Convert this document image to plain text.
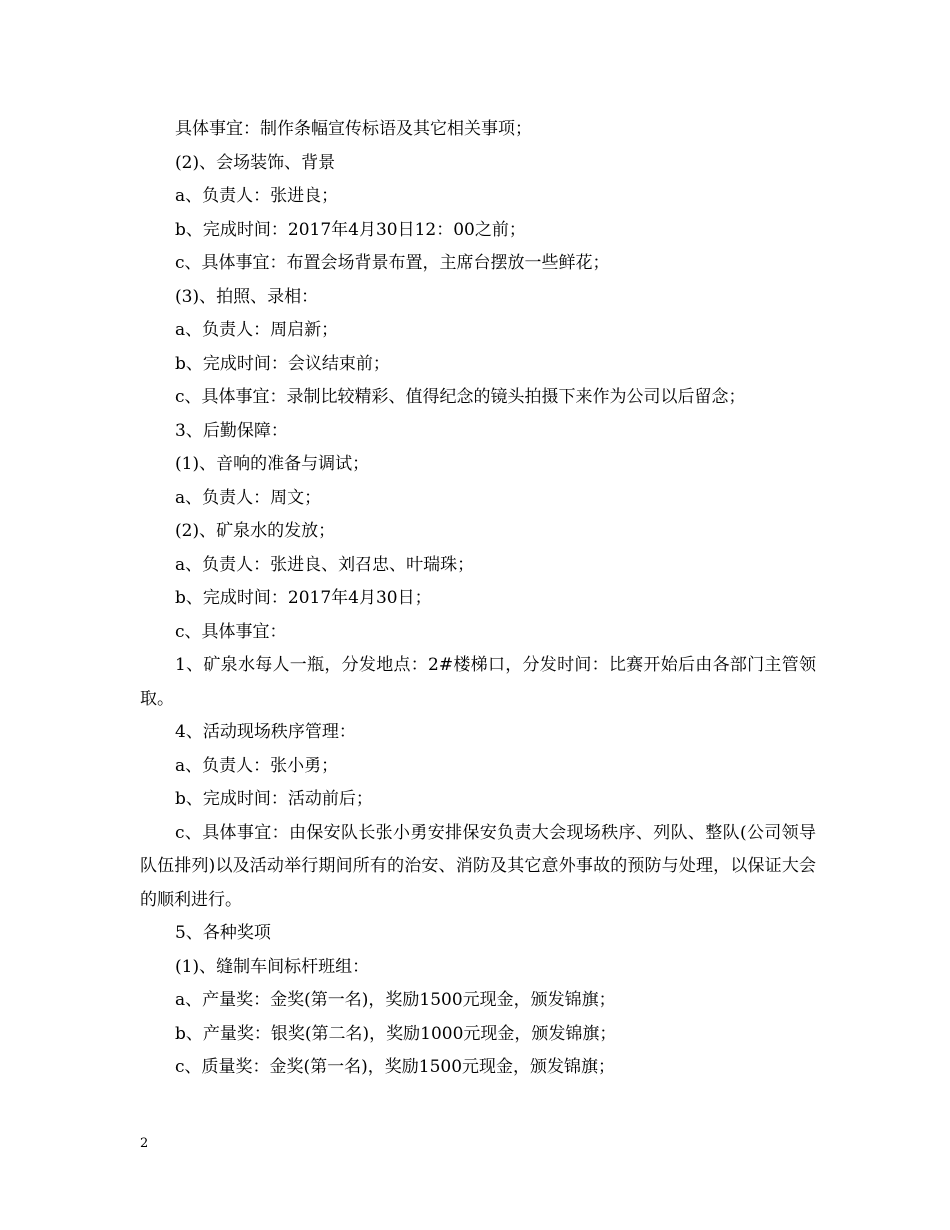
具体事宜：制作条幅宣传标语及其它相关事项；

(2)、会场装饰、背景

a、负责人：张进良；

b、完成时间：2017年4月30日12：00之前；

c、具体事宜：布置会场背景布置，主席台摆放一些鲜花；

(3)、拍照、录相：

a、负责人：周启新；

b、完成时间：会议结束前；

c、具体事宜：录制比较精彩、值得纪念的镜头拍摄下来作为公司以后留念；

3、后勤保障：

(1)、音响的准备与调试；

a、负责人：周文；

(2)、矿泉水的发放；

a、负责人：张进良、刘召忠、叶瑞珠；

b、完成时间：2017年4月30日；

c、具体事宜：

1、矿泉水每人一瓶，分发地点：2#楼梯口，分发时间：比赛开始后由各部门主管领取。

4、活动现场秩序管理：

a、负责人：张小勇；

b、完成时间：活动前后；

c、具体事宜：由保安队长张小勇安排保安负责大会现场秩序、列队、整队(公司领导队伍排列)以及活动举行期间所有的治安、消防及其它意外事故的预防与处理，以保证大会的顺利进行。

5、各种奖项

(1)、缝制车间标杆班组：

a、产量奖：金奖(第一名)，奖励1500元现金，颁发锦旗；

b、产量奖：银奖(第二名)，奖励1000元现金，颁发锦旗；

c、质量奖：金奖(第一名)，奖励1500元现金，颁发锦旗；

2
